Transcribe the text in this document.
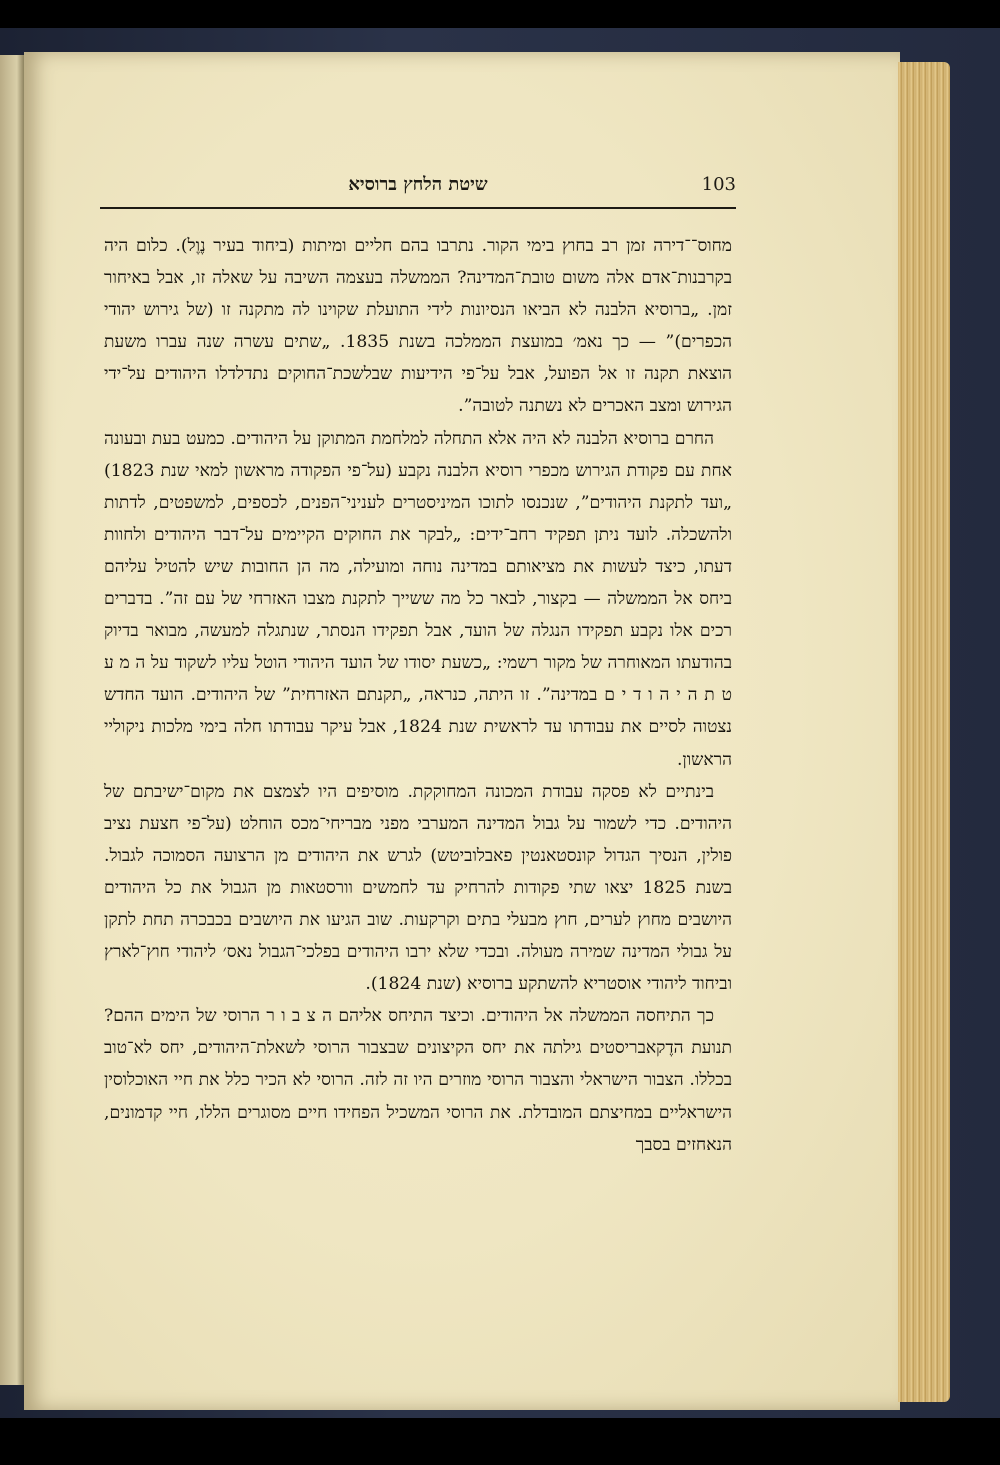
103
שיטת הלחץ ברוסיא

מחוס־־דירה זמן רב בחוץ בימי הקור. נתרבו בהם חליים ומיתות (ביחוד בעיר נֶוֶל). כלום היה בקרבנות־אדם אלה משום טובת־המדינה? הממשלה בעצמה השיבה על שאלה זו, אבל באיחור זמן. „ברוסיא הלבנה לא הביאו הנסיונות לידי התועלת שקוינו לה מתקנה זו (של גירוש יהודי הכפרים)” — כך נאמ׳ במועצת הממלכה בשנת 1835. „שתים עשרה שנה עברו משעת הוצאת תקנה זו אל הפועל, אבל על־פי הידיעות שבלשכת־החוקים נתדלדלו היהודים על־ידי הגירוש ומצב האכרים לא נשתנה לטובה”.

החרם ברוסיא הלבנה לא היה אלא התחלה למלחמת המתוקן על היהודים. כמעט בעת ובעונה אחת עם פקודת הגירוש מכפרי רוסיא הלבנה נקבע (על־פי הפקודה מראשון למאי שנת 1823) „ועד לתקנת היהודים”, שנכנסו לתוכו המיניסטרים לעניני־הפנים, לכספים, למשפטים, לדתות ולהשכלה. לועד ניתן תפקיד רחב־ידים: „לבקר את החוקים הקיימים על־דבר היהודים ולחוות דעתו, כיצד לעשות את מציאותם במדינה נוחה ומועילה, מה הן החובות שיש להטיל עליהם ביחס אל הממשלה — בקצור, לבאר כל מה ששייך לתקנת מצבו האזרחי של עם זה”. בדברים רכים אלו נקבע תפקידו הנגלה של הועד, אבל תפקידו הנסתר, שנתגלה למעשה, מבואר בדיוק בהודעתו המאוחרה של מקור רשמי: „כשעת יסודו של הועד היהודי הוטל עליו לשקוד על ה מ ע ט ת ה י ה ו ד י ם במדינה”. זו היתה, כנראה, „תקנתם האזרחית” של היהודים. הועד החדש נצטוה לסיים את עבודתו עד לראשית שנת 1824, אבל עיקר עבודתו חלה בימי מלכות ניקוליי הראשון.

בינתיים לא פסקה עבודת המכונה המחוקקת. מוסיפים היו לצמצם את מקום־ישיבתם של היהודים. כדי לשמור על גבול המדינה המערבי מפני מבריחי־מכס הוחלט (על־פי חצעת נציב פולין, הנסיך הגדול קונסטאנטין פאבלוביטש) לגרש את היהודים מן הרצועה הסמוכה לגבול. בשנת 1825 יצאו שתי פקודות להרחיק עד לחמשים וורסטאות מן הגבול את כל היהודים היושבים מחוץ לערים, חוץ מבעלי בתים וקרקעות. שוב הגיעו את היושבים בכבכרה תחת לתקן על גבולי המדינה שמירה מעולה. ובכדי שלא ירבו היהודים בפלכי־הגבול נאס׳ ליהודי חוץ־לארץ וביחוד ליהודי אוסטריא להשתקע ברוסיא (שנת 1824).

כך התיחסה הממשלה אל היהודים. וכיצד התיחס אליהם ה צ ב ו ר הרוסי של הימים ההם? תנועת הדֶקאבריסטים גילתה את יחס הקיצונים שבצבור הרוסי לשאלת־היהודים, יחס לא־טוב בכללו. הצבור הישראלי והצבור הרוסי מוזרים היו זה לזה. הרוסי לא הכיר כלל את חיי האוכלוסין הישראליים במחיצתם המובדלת. את הרוסי המשכיל הפחידו חיים מסוגרים הללו, חיי קדמונים, הנאחזים בסבך
